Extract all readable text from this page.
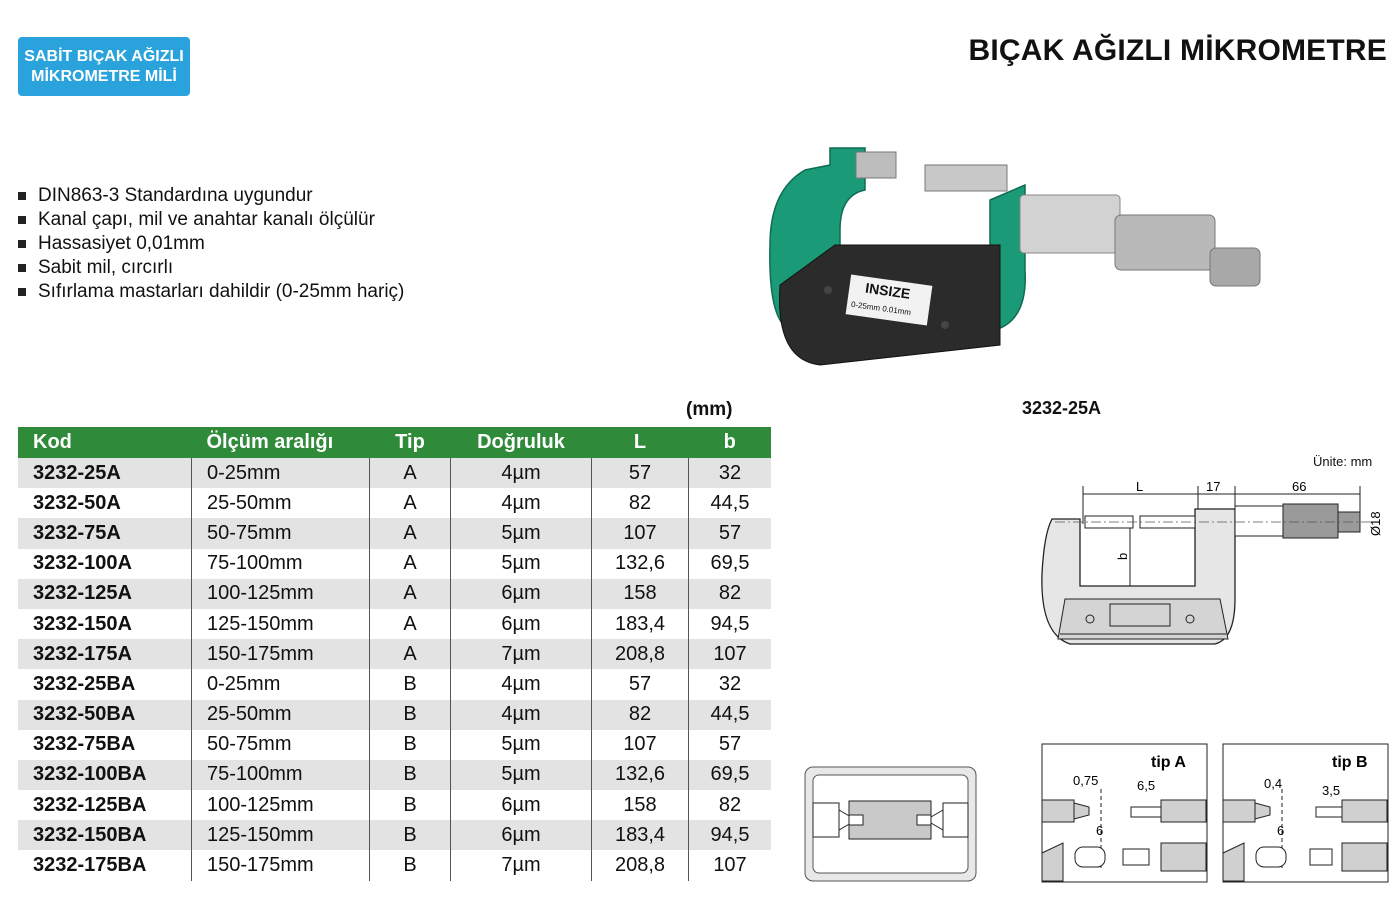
SABİT BIÇAK AĞIZLI
MİKROMETRE MİLİ
BIÇAK AĞIZLI MİKROMETRE
DIN863-3 Standardına uygundur
Kanal çapı, mil ve anahtar kanalı ölçülür
Hassasiyet 0,01mm
Sabit mil, cırcırlı
Sıfırlama mastarları dahildir (0-25mm hariç)	INSIZE
0-25mm 0.01mm
3232-25A
(mm)
Kod	Ölçüm aralığı	Tip	Doğruluk	L	b
3232-25A	0-25mm	A	4µm	57	32
3232-50A	25-50mm	A	4µm	82	44,5
3232-75A	50-75mm	A	5µm	107	57
3232-100A	75-100mm	A	5µm	132,6	69,5
3232-125A	100-125mm	A	6µm	158	82
3232-150A	125-150mm	A	6µm	183,4	94,5
3232-175A	150-175mm	A	7µm	208,8	107
3232-25BA	0-25mm	B	4µm	57	32
3232-50BA	25-50mm	B	4µm	82	44,5
3232-75BA	50-75mm	B	5µm	107	57
3232-100BA	75-100mm	B	5µm	132,6	69,5
3232-125BA	100-125mm	B	6µm	158	82
3232-150BA	125-150mm	B	6µm	183,4	94,5
3232-175BA	150-175mm	B	7µm	208,8	107
Ünite: mm
L	17	66
Ø18
b
tip A
0,75	6,5
6
tip B
0,4	3,5
6
